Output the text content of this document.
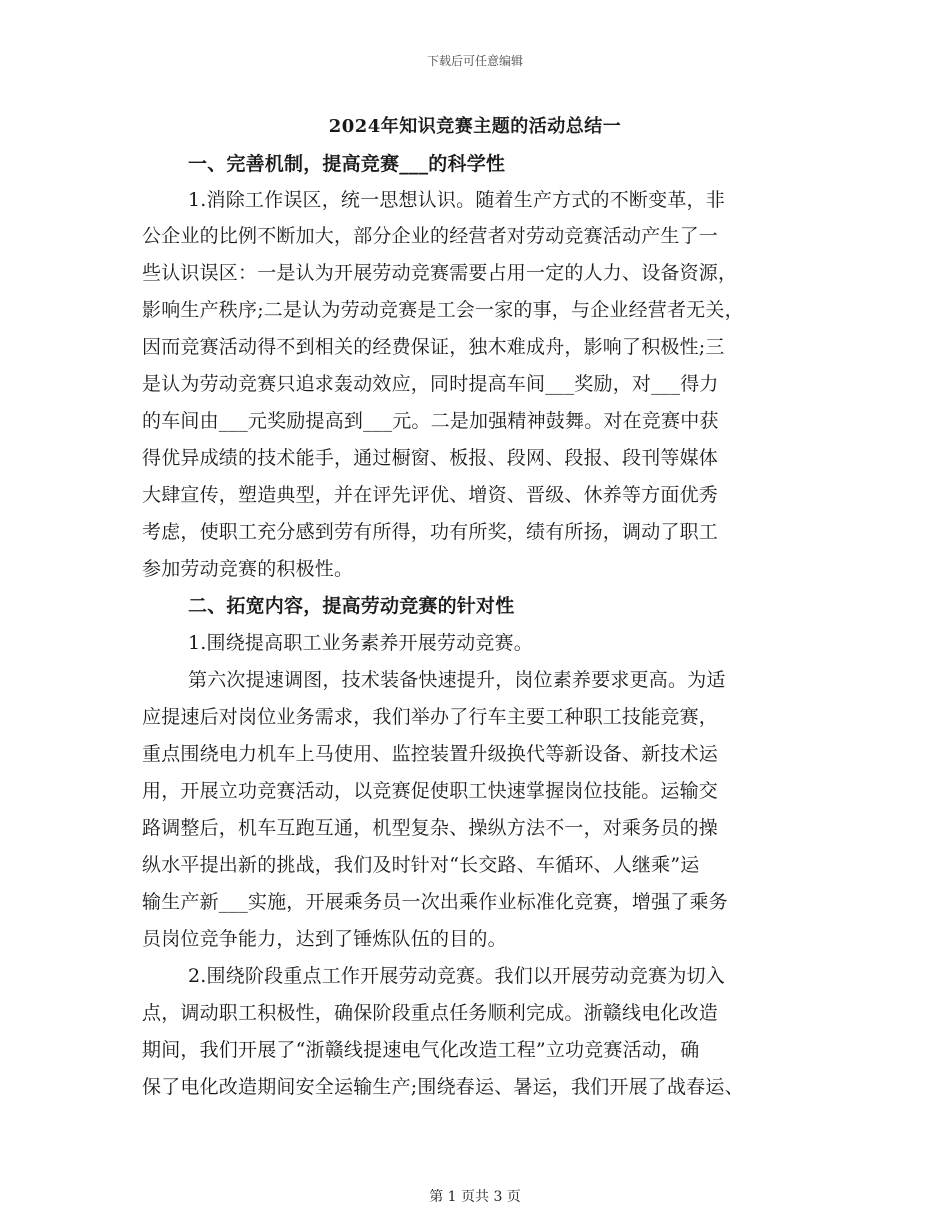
下载后可任意编辑
2024年知识竞赛主题的活动总结一
一、完善机制，提高竞赛___的科学性
1.消除工作误区，统一思想认识。随着生产方式的不断变革，非
公企业的比例不断加大，部分企业的经营者对劳动竞赛活动产生了一
些认识误区：一是认为开展劳动竞赛需要占用一定的人力、设备资源，
影响生产秩序;二是认为劳动竞赛是工会一家的事，与企业经营者无关，
因而竞赛活动得不到相关的经费保证，独木难成舟，影响了积极性;三
是认为劳动竞赛只追求轰动效应，同时提高车间___奖励，对___得力
的车间由___元奖励提高到___元。二是加强精神鼓舞。对在竞赛中获
得优异成绩的技术能手，通过橱窗、板报、段网、段报、段刊等媒体
大肆宣传，塑造典型，并在评先评优、增资、晋级、休养等方面优秀
考虑，使职工充分感到劳有所得，功有所奖，绩有所扬，调动了职工
参加劳动竞赛的积极性。
二、拓宽内容，提高劳动竞赛的针对性
1.围绕提高职工业务素养开展劳动竞赛。
第六次提速调图，技术装备快速提升，岗位素养要求更高。为适
应提速后对岗位业务需求，我们举办了行车主要工种职工技能竞赛，
重点围绕电力机车上马使用、监控装置升级换代等新设备、新技术运
用，开展立功竞赛活动，以竞赛促使职工快速掌握岗位技能。运输交
路调整后，机车互跑互通，机型复杂、操纵方法不一，对乘务员的操
纵水平提出新的挑战，我们及时针对“长交路、车循环、人继乘”运
输生产新___实施，开展乘务员一次出乘作业标准化竞赛，增强了乘务
员岗位竞争能力，达到了锤炼队伍的目的。
2.围绕阶段重点工作开展劳动竞赛。我们以开展劳动竞赛为切入
点，调动职工积极性，确保阶段重点任务顺利完成。浙赣线电化改造
期间，我们开展了“浙赣线提速电气化改造工程”立功竞赛活动，确
保了电化改造期间安全运输生产;围绕春运、暑运，我们开展了战春运、
第 1 页共 3 页
